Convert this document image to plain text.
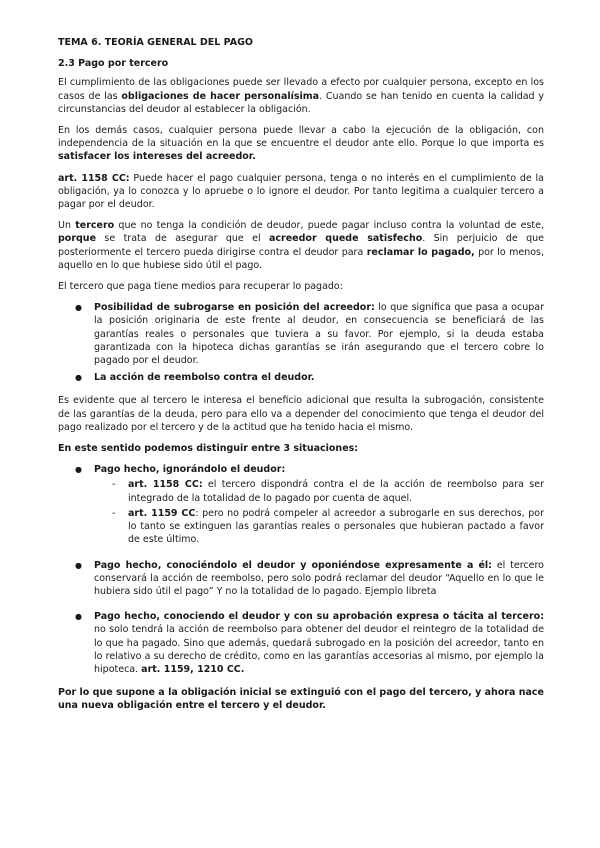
TEMA 6. TEORÍA GENERAL DEL PAGO
2.3 Pago por tercero

El cumplimiento de las obligaciones puede ser llevado a efecto por cualquier persona, excepto en los casos de las obligaciones de hacer personalísima. Cuando se han tenido en cuenta la calidad y circunstancias del deudor al establecer la obligación.

En los demás casos, cualquier persona puede llevar a cabo la ejecución de la obligación, con independencia de la situación en la que se encuentre el deudor ante ello. Porque lo que importa es satisfacer los intereses del acreedor.

art. 1158 CC: Puede hacer el pago cualquier persona, tenga o no interés en el cumplimiento de la obligación, ya lo conozca y lo apruebe o lo ignore el deudor. Por tanto legitima a cualquier tercero a pagar por el deudor.

Un tercero que no tenga la condición de deudor, puede pagar incluso contra la voluntad de este, porque se trata de asegurar que el acreedor quede satisfecho. Sin perjuicio de que posteriormente el tercero pueda dirigirse contra el deudor para reclamar lo pagado, por lo menos, aquello en lo que hubiese sido útil el pago.

El tercero que paga tiene medios para recuperar lo pagado:

● Posibilidad de subrogarse en posición del acreedor: lo que significa que pasa a ocupar la posición originaria de este frente al deudor, en consecuencia se beneficiará de las garantías reales o personales que tuviera a su favor. Por ejemplo, si la deuda estaba garantizada con la hipoteca dichas garantías se irán asegurando que el tercero cobre lo pagado por el deudor.
● La acción de reembolso contra el deudor.

Es evidente que al tercero le interesa el beneficio adicional que resulta la subrogación, consistente de las garantías de la deuda, pero para ello va a depender del conocimiento que tenga el deudor del pago realizado por el tercero y de la actitud que ha tenido hacia el mismo.

En este sentido podemos distinguir entre 3 situaciones:

● Pago hecho, ignorándolo el deudor:
- art. 1158 CC: el tercero dispondrá contra el de la acción de reembolso para ser integrado de la totalidad de lo pagado por cuenta de aquel.
- art. 1159 CC: pero no podrá compeler al acreedor a subrogarle en sus derechos, por lo tanto se extinguen las garantías reales o personales que hubieran pactado a favor de este último.
● Pago hecho, conociéndolo el deudor y oponiéndose expresamente a él: el tercero conservará la acción de reembolso, pero solo podrá reclamar del deudor “Aquello en lo que le hubiera sido útil el pago” Y no la totalidad de lo pagado. Ejemplo libreta
● Pago hecho, conociendo el deudor y con su aprobación expresa o tácita al tercero: no solo tendrá la acción de reembolso para obtener del deudor el reintegro de la totalidad de lo que ha pagado. Sino que además, quedará subrogado en la posición del acreedor, tanto en lo relativo a su derecho de crédito, como en las garantías accesorias al mismo, por ejemplo la hipoteca. art. 1159, 1210 CC.

Por lo que supone a la obligación inicial se extinguió con el pago del tercero, y ahora nace una nueva obligación entre el tercero y el deudor.
